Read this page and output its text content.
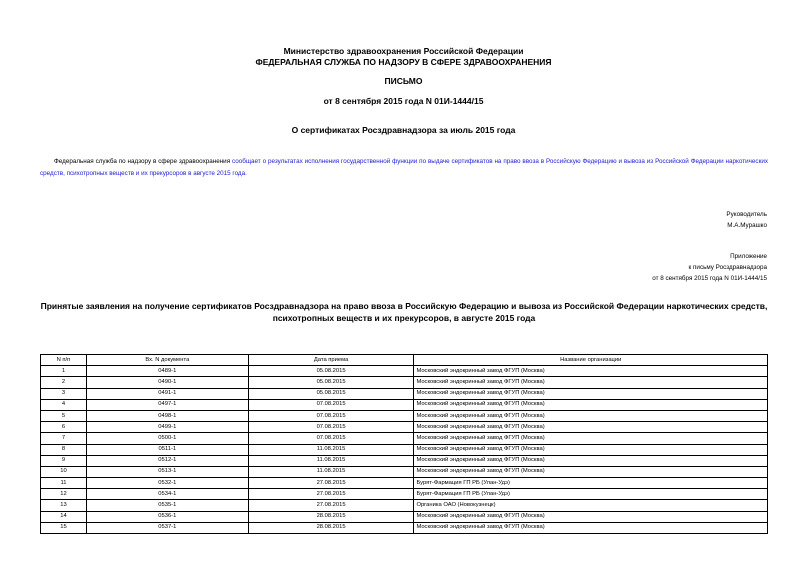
Министерство здравоохранения Российской Федерации
ФЕДЕРАЛЬНАЯ СЛУЖБА ПО НАДЗОРУ В СФЕРЕ ЗДРАВООХРАНЕНИЯ
ПИСЬМО
от 8 сентября 2015 года N 01И-1444/15
О сертификатах Росздравнадзора за июль 2015 года
Федеральная служба по надзору в сфере здравоохранения сообщает о результатах исполнения государственной функции по выдаче сертификатов на право ввоза в Российскую Федерацию и вывоза из Российской Федерации наркотических средств, психотропных веществ и их прекурсоров в августе 2015 года.
Руководитель
М.А.Мурашко
Приложение
к письму Росздравнадзора
от 8 сентября 2015 года N 01И-1444/15
Принятые заявления на получение сертификатов Росздравнадзора на право ввоза в Российскую Федерацию и вывоза из Российской Федерации наркотических средств, психотропных веществ и их прекурсоров, в августе 2015 года
N п/п	Вх. N документа	Дата приема	Название организации
1	0489-1	05.08.2015	Московский эндокринный завод ФГУП (Москва)
2	0490-1	05.08.2015	Московский эндокринный завод ФГУП (Москва)
3	0491-1	05.08.2015	Московский эндокринный завод ФГУП (Москва)
4	0497-1	07.08.2015	Московский эндокринный завод ФГУП (Москва)
5	0498-1	07.08.2015	Московский эндокринный завод ФГУП (Москва)
6	0499-1	07.08.2015	Московский эндокринный завод ФГУП (Москва)
7	0500-1	07.08.2015	Московский эндокринный завод ФГУП (Москва)
8	0511-1	11.08.2015	Московский эндокринный завод ФГУП (Москва)
9	0512-1	11.08.2015	Московский эндокринный завод ФГУП (Москва)
10	0513-1	11.08.2015	Московский эндокринный завод ФГУП (Москва)
11	0532-1	27.08.2015	Бурят-Фармация ГП РБ (Улан-Удэ)
12	0534-1	27.08.2015	Бурят-Фармация ГП РБ (Улан-Удэ)
13	0535-1	27.08.2015	Органика ОАО (Новокузнецк)
14	0536-1	28.08.2015	Московский эндокринный завод ФГУП (Москва)
15	0537-1	28.08.2015	Московский эндокринный завод ФГУП (Москва)
